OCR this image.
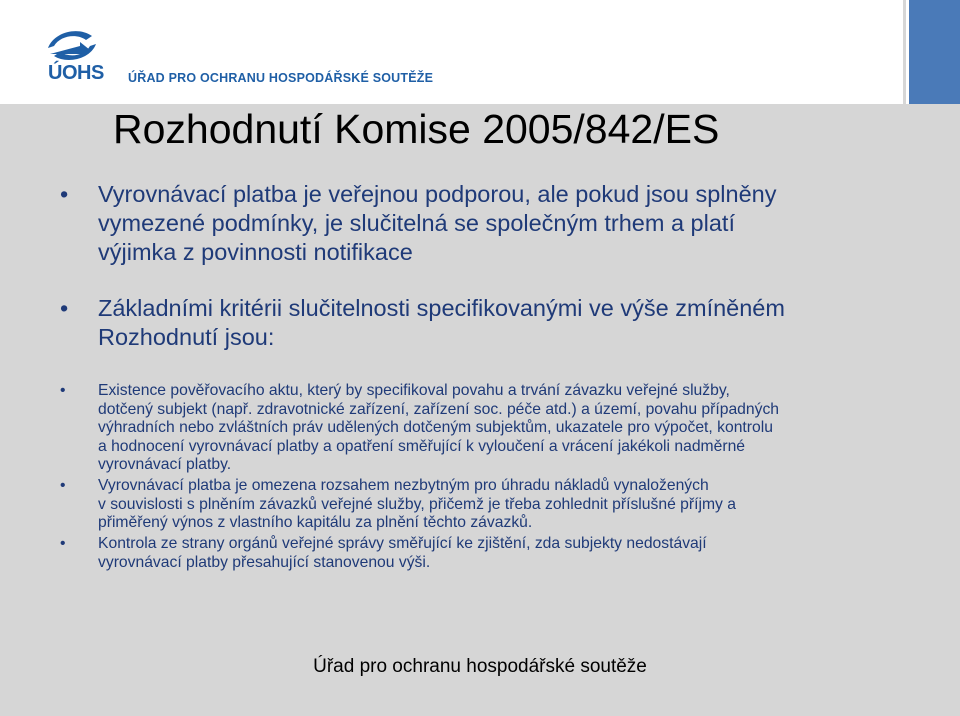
ÚOHS ÚŘAD PRO OCHRANU HOSPODÁŘSKÉ SOUTĚŽE
Rozhodnutí Komise 2005/842/ES
• Vyrovnávací platba je veřejnou podporou, ale pokud jsou splněny
vymezené podmínky, je slučitelná se společným trhem a platí
výjimka z povinnosti notifikace
• Základními kritérii slučitelnosti specifikovanými ve výše zmíněném
Rozhodnutí jsou:
• Existence pověřovacího aktu, který by specifikoval povahu a trvání závazku veřejné služby,
dotčený subjekt (např. zdravotnické zařízení, zařízení soc. péče atd.) a území, povahu případných
výhradních nebo zvláštních práv udělených dotčeným subjektům, ukazatele pro výpočet, kontrolu
a hodnocení vyrovnávací platby a opatření směřující k vyloučení a vrácení jakékoli nadměrné
vyrovnávací platby.
• Vyrovnávací platba je omezena rozsahem nezbytným pro úhradu nákladů vynaložených
v souvislosti s plněním závazků veřejné služby, přičemž je třeba zohlednit příslušné příjmy a
přiměřený výnos z vlastního kapitálu za plnění těchto závazků.
• Kontrola ze strany orgánů veřejné správy směřující ke zjištění, zda subjekty nedostávají
vyrovnávací platby přesahující stanovenou výši.
Úřad pro ochranu hospodářské soutěže
